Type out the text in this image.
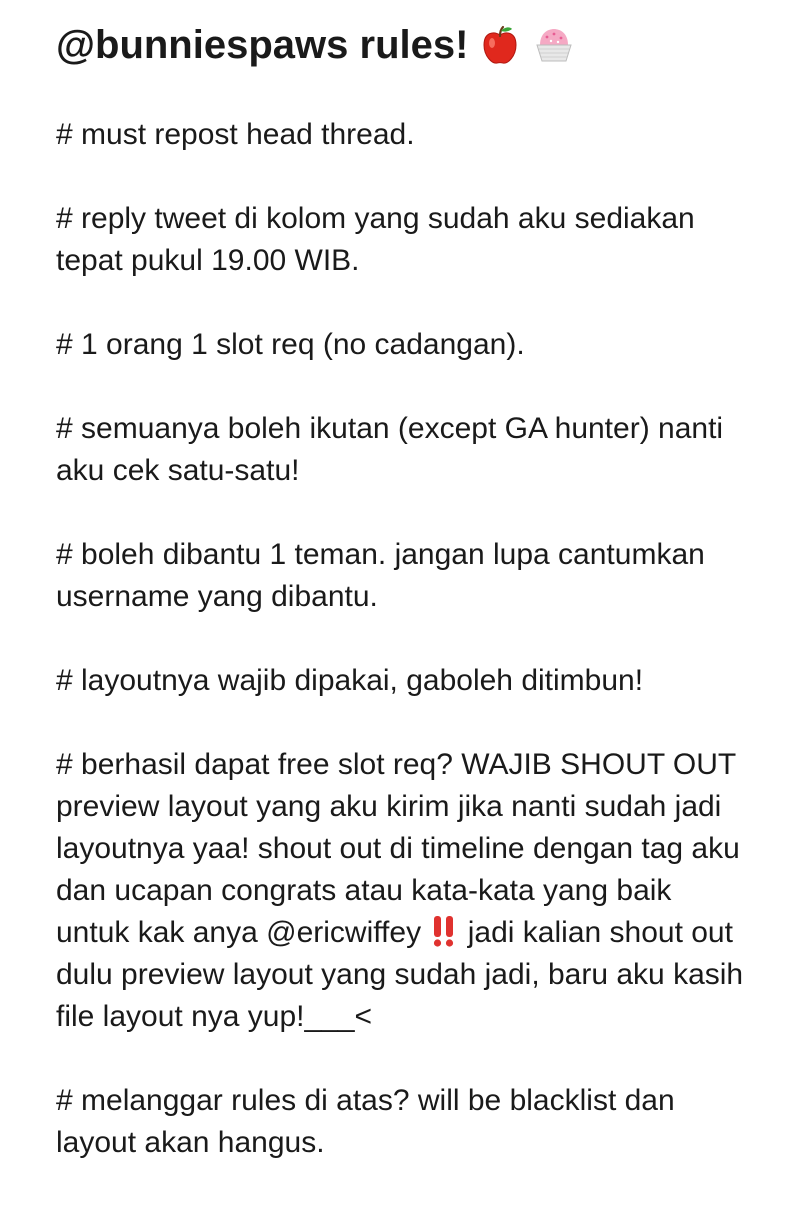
@bunniespaws rules!

# must repost head thread.

# reply tweet di kolom yang sudah aku sediakan
tepat pukul 19.00 WIB.

# 1 orang 1 slot req (no cadangan).

# semuanya boleh ikutan (except GA hunter) nanti
aku cek satu-satu!

# boleh dibantu 1 teman. jangan lupa cantumkan
username yang dibantu.

# layoutnya wajib dipakai, gaboleh ditimbun!

# berhasil dapat free slot req? WAJIB SHOUT OUT
preview layout yang aku kirim jika nanti sudah jadi
layoutnya yaa! shout out di timeline dengan tag aku
dan ucapan congrats atau kata-kata yang baik
untuk kak anya @ericwiffey jadi kalian shout out
dulu preview layout yang sudah jadi, baru aku kasih
file layout nya yup!___<

# melanggar rules di atas? will be blacklist dan
layout akan hangus.
